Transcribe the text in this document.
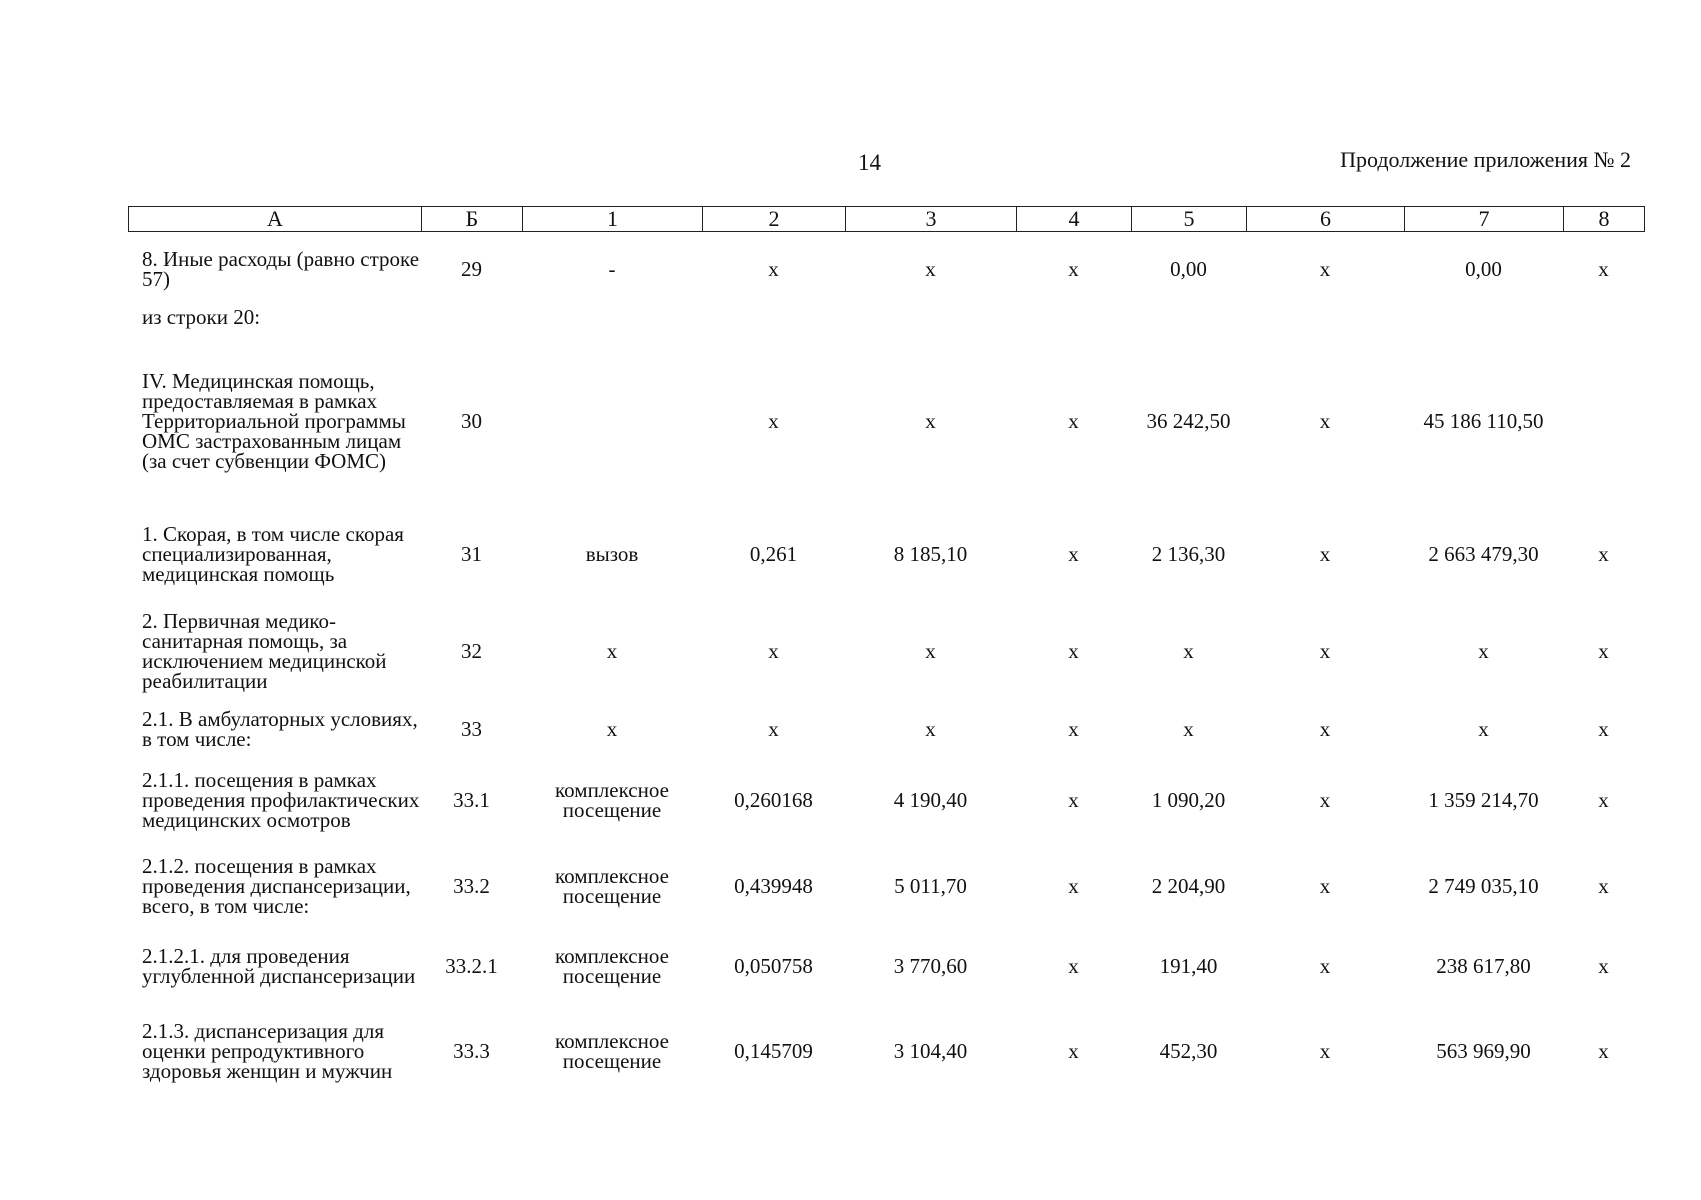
14	Продолжение приложения № 2
А	Б	1	2	3	4	5	6	7	8
8. Иные расходы (равно строке 57)	29	-	х	х	х	0,00	х	0,00	х
из строки 20:									
IV. Медицинская помощь, предоставляемая в рамках Территориальной программы ОМС застрахованным лицам (за счет субвенции ФОМС)	30		х	х	х	36 242,50	х	45 186 110,50	
1. Скорая, в том числе скорая специализированная, медицинская помощь	31	вызов	0,261	8 185,10	х	2 136,30	х	2 663 479,30	х
2. Первичная медико-санитарная помощь, за исключением медицинской реабилитации	32	х	х	х	х	х	х	х	х
2.1. В амбулаторных условиях, в том числе:	33	х	х	х	х	х	х	х	х
2.1.1. посещения в рамках проведения профилактических медицинских осмотров	33.1	комплексное посещение	0,260168	4 190,40	х	1 090,20	х	1 359 214,70	х
2.1.2. посещения в рамках проведения диспансеризации, всего, в том числе:	33.2	комплексное посещение	0,439948	5 011,70	х	2 204,90	х	2 749 035,10	х
2.1.2.1. для проведения углубленной диспансеризации	33.2.1	комплексное посещение	0,050758	3 770,60	х	191,40	х	238 617,80	х
2.1.3. диспансеризация для оценки репродуктивного здоровья женщин и мужчин	33.3	комплексное посещение	0,145709	3 104,40	х	452,30	х	563 969,90	х
